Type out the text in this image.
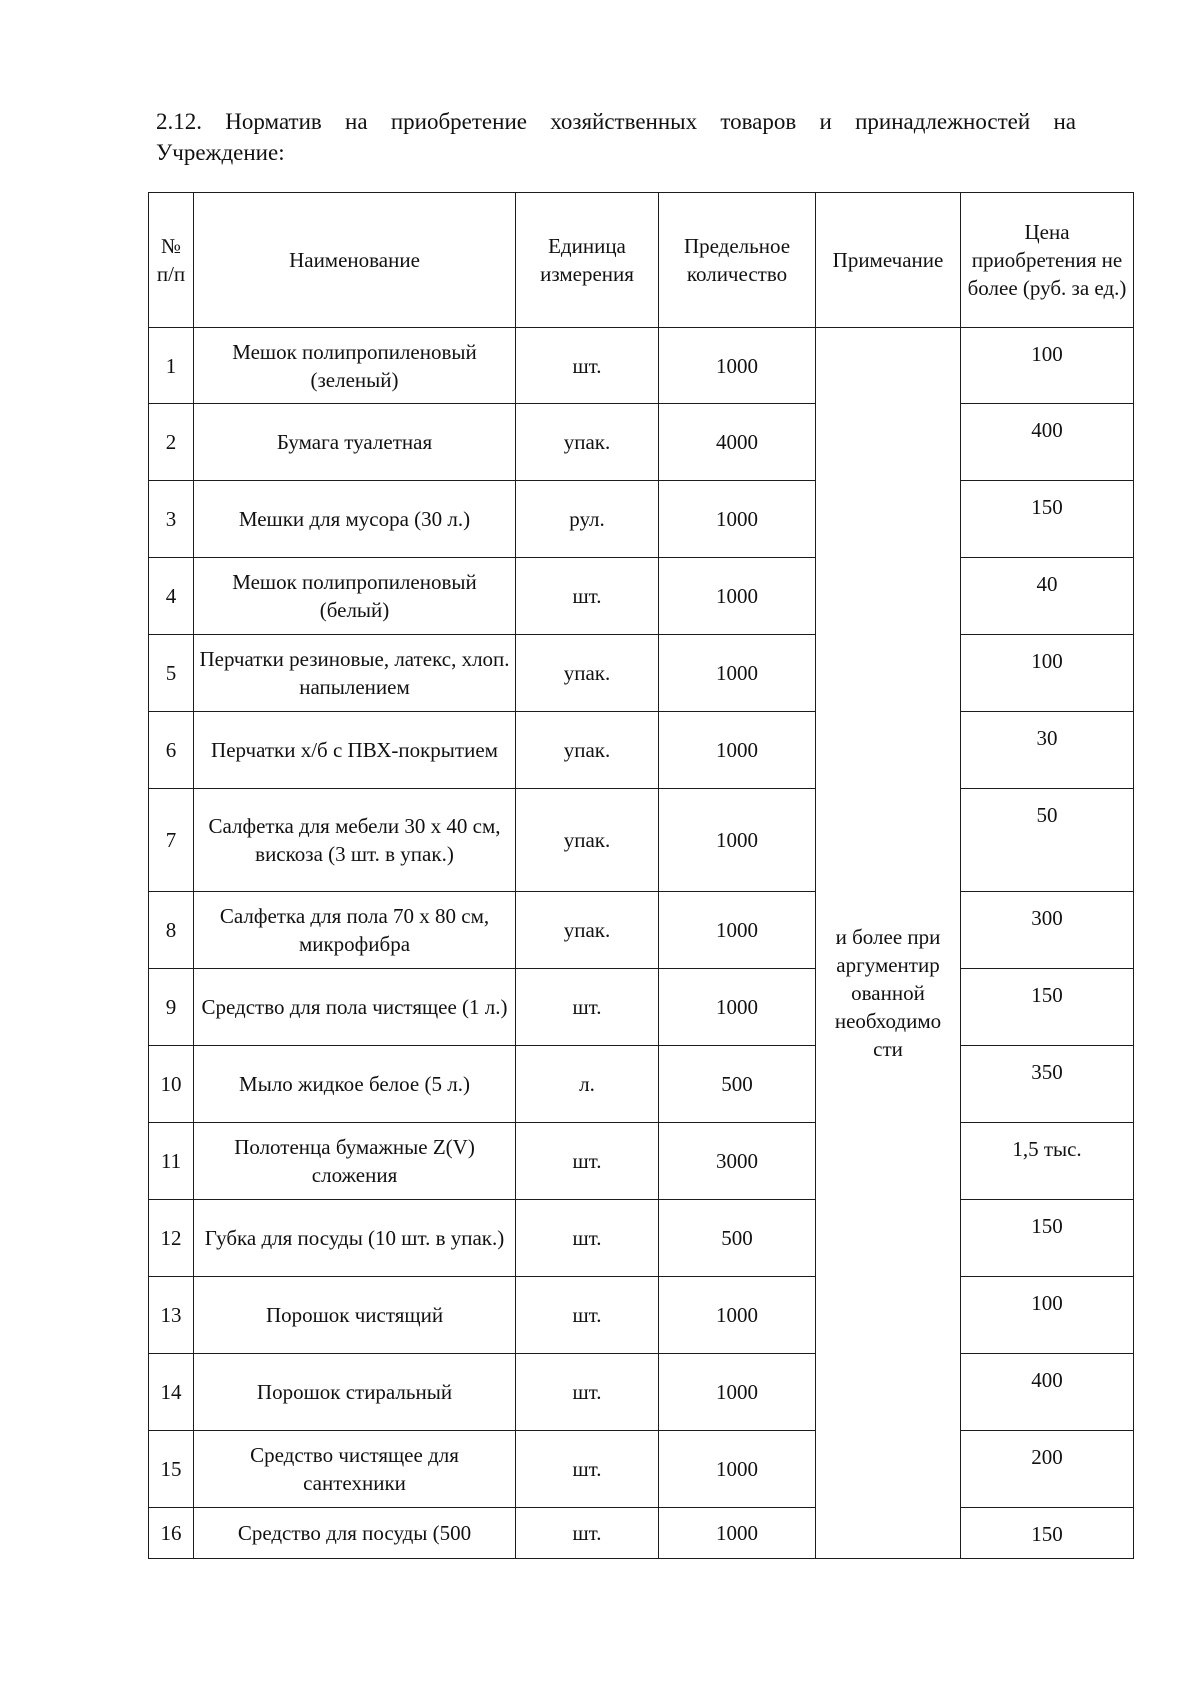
2.12. Норматив на приобретение хозяйственных товаров и принадлежностей на Учреждение:
№ п/п	Наименование	Единица измерения	Предельное количество	Примечание	Цена приобретения не более (руб. за ед.)
1	Мешок полипропиленовый (зеленый)	шт.	1000	и более при аргументир ованной необходимо сти	100
2	Бумага туалетная	упак.	4000		400
3	Мешки для мусора (30 л.)	рул.	1000		150
4	Мешок полипропиленовый (белый)	шт.	1000		40
5	Перчатки резиновые, латекс, хлоп. напылением	упак.	1000		100
6	Перчатки х/б с ПВХ-покрытием	упак.	1000		30
7	Салфетка для мебели 30 х 40 см, вискоза (3 шт. в упак.)	упак.	1000		50
8	Салфетка для пола 70 х 80 см, микрофибра	упак.	1000		300
9	Средство для пола чистящее (1 л.)	шт.	1000		150
10	Мыло жидкое белое (5 л.)	л.	500		350
11	Полотенца бумажные Z(V) сложения	шт.	3000		1,5 тыс.
12	Губка для посуды (10 шт. в упак.)	шт.	500		150
13	Порошок чистящий	шт.	1000		100
14	Порошок стиральный	шт.	1000		400
15	Средство чистящее для сантехники	шт.	1000		200
16	Средство для посуды (500	шт.	1000		150
